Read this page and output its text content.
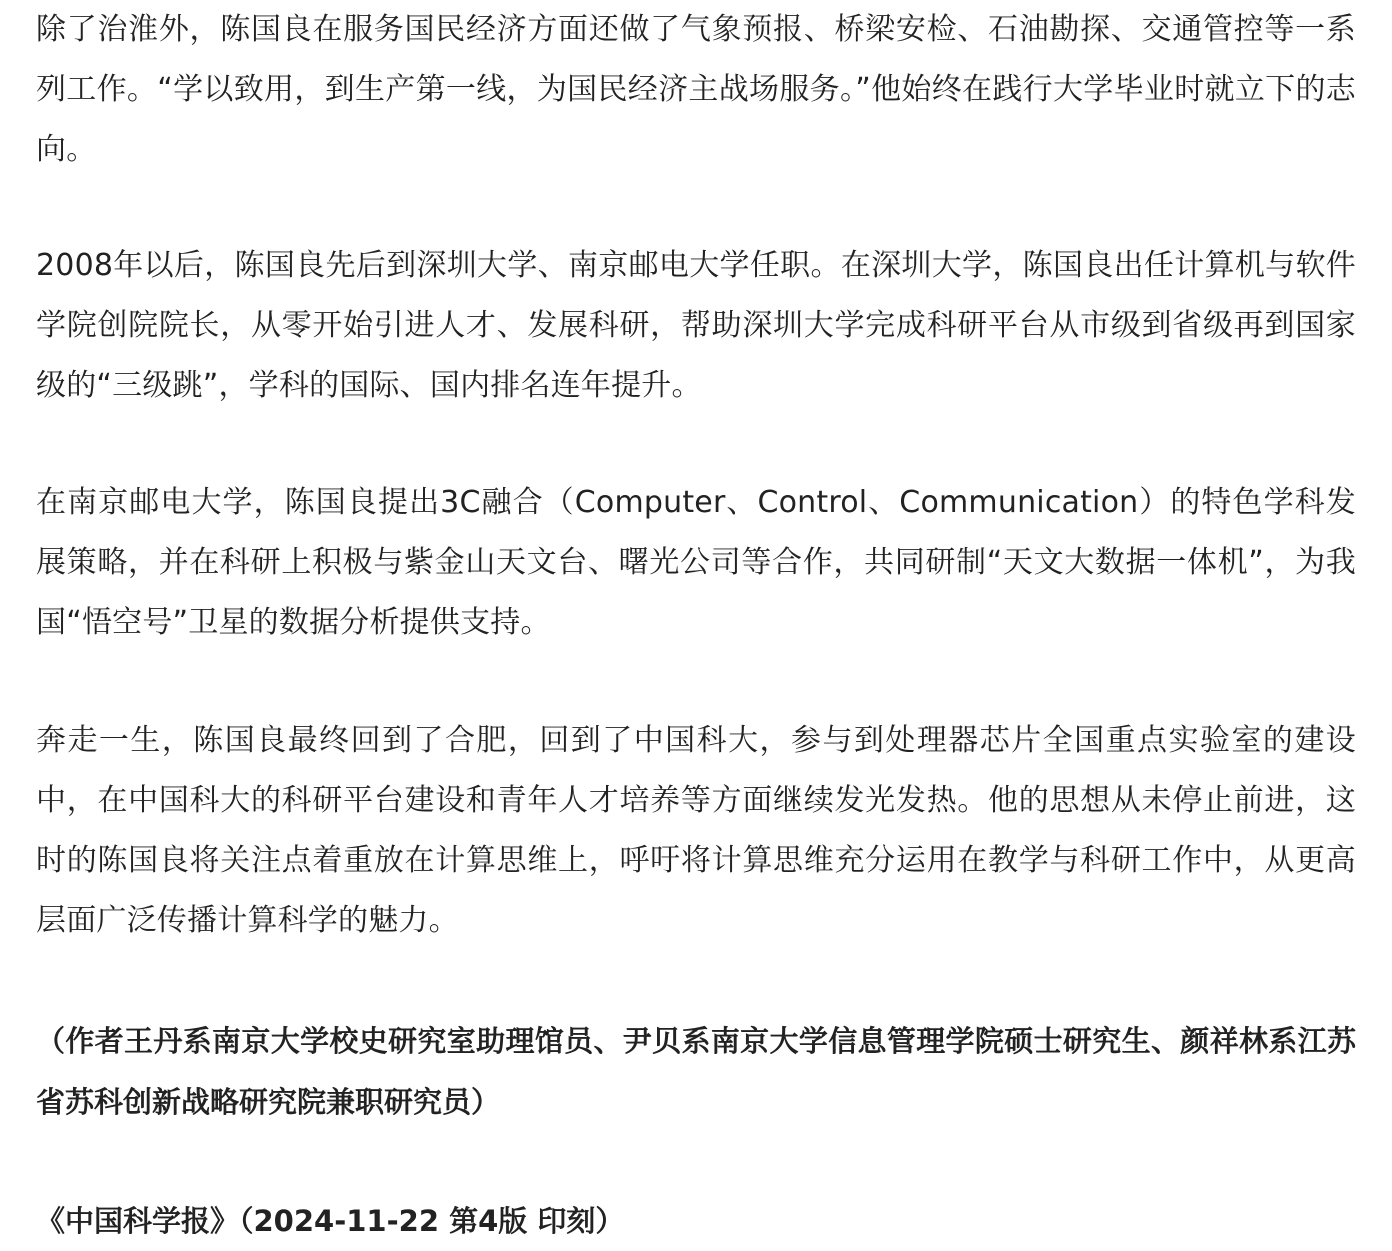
除了治淮外，陈国良在服务国民经济方面还做了气象预报、桥梁安检、石油勘探、交通管控等一系列工作。“学以致用，到生产第一线，为国民经济主战场服务。”他始终在践行大学毕业时就立下的志向。

2008年以后，陈国良先后到深圳大学、南京邮电大学任职。在深圳大学，陈国良出任计算机与软件学院创院院长，从零开始引进人才、发展科研，帮助深圳大学完成科研平台从市级到省级再到国家级的“三级跳”，学科的国际、国内排名连年提升。

在南京邮电大学，陈国良提出3C融合（Computer、Control、Communication）的特色学科发展策略，并在科研上积极与紫金山天文台、曙光公司等合作，共同研制“天文大数据一体机”，为我国“悟空号”卫星的数据分析提供支持。

奔走一生，陈国良最终回到了合肥，回到了中国科大，参与到处理器芯片全国重点实验室的建设中，在中国科大的科研平台建设和青年人才培养等方面继续发光发热。他的思想从未停止前进，这时的陈国良将关注点着重放在计算思维上，呼吁将计算思维充分运用在教学与科研工作中，从更高层面广泛传播计算科学的魅力。

（作者王丹系南京大学校史研究室助理馆员、尹贝系南京大学信息管理学院硕士研究生、颜祥林系江苏省苏科创新战略研究院兼职研究员）

《中国科学报》（2024-11-22 第4版 印刻）
